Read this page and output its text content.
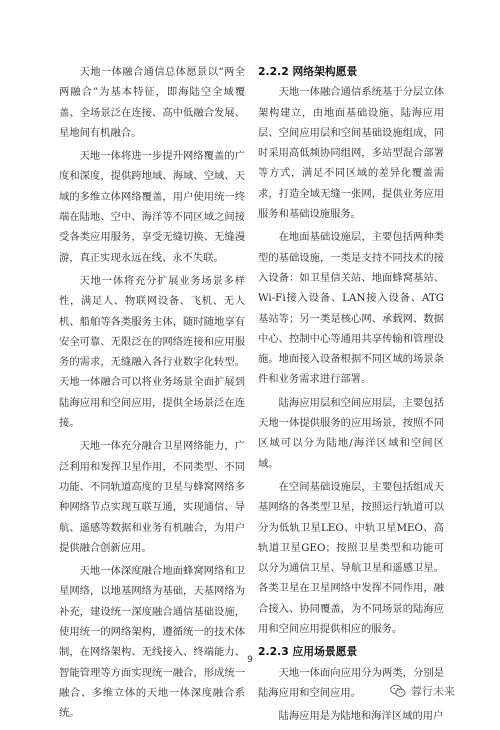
天地一体融合通信总体愿景以“两全两融合”为基本特征，即海陆空全域覆盖、全场景泛在连接、高中低融合发展、星地间有机融合。

天地一体将进一步提升网络覆盖的广度和深度，提供跨地域、海域、空域、天域的多维立体网络覆盖，用户使用统一终端在陆地、空中、海洋等不同区域之间接受各类应用服务，享受无缝切换、无缝漫游，真正实现永远在线、永不失联。

天地一体将充分扩展业务场景多样性，满足人、物联网设备、飞机、无人机、船舶等各类服务主体，随时随地享有安全可靠、无限泛在的网络连接和应用服务的需求，无缝融入各行业数字化转型。天地一体融合可以将业务场景全面扩展到陆海应用和空间应用，提供全场景泛在连接。

天地一体充分融合卫星网络能力，广泛利用和发挥卫星作用，不同类型、不同功能、不同轨道高度的卫星与蜂窝网络多种网络节点实现互联互通，实现通信、导航、遥感等数据和业务有机融合，为用户提供融合创新应用。

天地一体深度融合地面蜂窝网络和卫星网络，以地基网络为基础，天基网络为补充，建设统一深度融合通信基础设施，使用统一的网络架构，遵循统一的技术体制，在网络架构、无线接入、终端能力、智能管理等方面实现统一融合，形成统一融合、多维立体的天地一体深度融合系统。

2.2.2 网络架构愿景

天地一体融合通信系统基于分层立体架构建立，由地面基础设施、陆海应用层、空间应用层和空间基础设施组成，同时采用高低频协同组网，多站型混合部署等方式，满足不同区域的差异化覆盖需求，打造全域无缝一张网，提供业务应用服务和基础设施服务。

在地面基础设施层，主要包括两种类型的基础设施，一类是支持不同技术的接入设备：如卫星信关站、地面蜂窝基站、Wi-Fi接入设备、LAN接入设备、ATG基站等；另一类是核心网、承载网、数据中心、控制中心等通用共享传输和管理设施。地面接入设备根据不同区域的场景条件和业务需求进行部署。

陆海应用层和空间应用层，主要包括天地一体提供服务的应用场景，按照不同区域可以分为陆地/海洋区域和空间区域。

在空间基础设施层，主要包括组成天基网络的各类型卫星，按照运行轨道可以分为低轨卫星LEO、中轨卫星MEO、高轨道卫星GEO；按照卫星类型和功能可以分为通信卫星、导航卫星和遥感卫星。各类卫星在卫星网络中发挥不同作用，融合接入、协同覆盖，为不同场景的陆海应用和空间应用提供相应的服务。

2.2.3 应用场景愿景

天地一体面向应用分为两类，分别是陆海应用和空间应用。

陆海应用是为陆地和海洋区域的用户

9
蓉行未来
